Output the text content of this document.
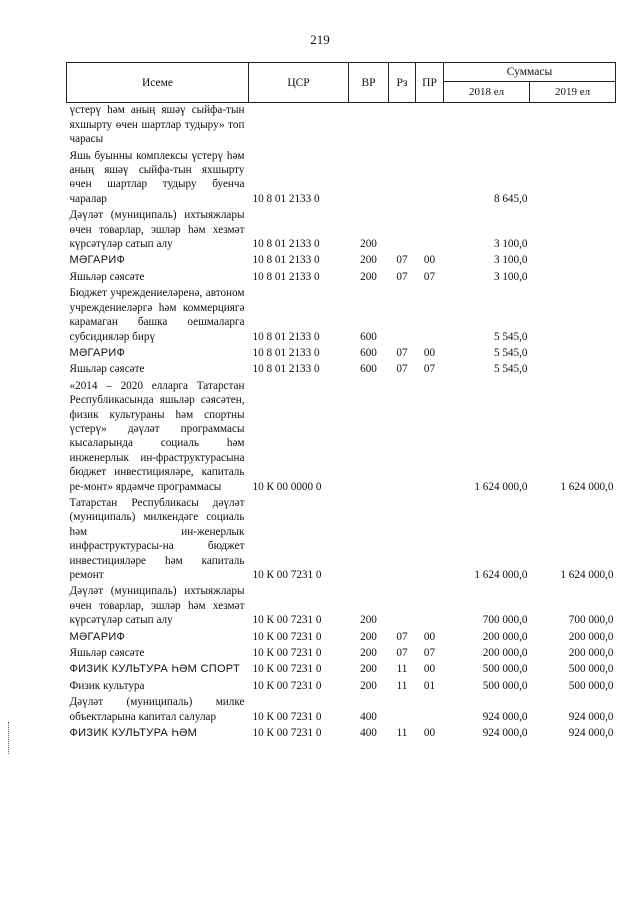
219
Исеме	ЦСР	ВР	Рз	ПР	Суммасы	
					2018 ел	2019 ел
үстерү һәм аның яшәү сыйфа-тын яхшырту өчен шартлар тудыру» топ чарасы						
Яшь буынны комплексы үстерү һәм аның яшәү сыйфа-тын яхшырту өчен шартлар тудыру буенча чаралар	10 8 01 2133 0				8 645,0	
Дәүләт (муниципаль) ихтыяжлары өчен товарлар, эшләр һәм хезмәт күрсәтүләр сатып алу	10 8 01 2133 0	200			3 100,0	
МӘГАРИФ	10 8 01 2133 0	200	07	00	3 100,0	
Яшьләр сәясәте	10 8 01 2133 0	200	07	07	3 100,0	
Бюджет учреждениеләренә, автоном учреждениеләргә һәм коммерциягә карамаган башка оешмаларга субсидияләр бирү	10 8 01 2133 0	600			5 545,0	
МӘГАРИФ	10 8 01 2133 0	600	07	00	5 545,0	
Яшьләр сәясәте	10 8 01 2133 0	600	07	07	5 545,0	
«2014 – 2020 елларга Татарстан Республикасында яшьләр сәясәтен, физик культураны һәм спортны үстерү» дәүләт программасы кысаларында социаль һәм инженерлык ин-фраструктурасына бюджет инвестицияләре, капиталь ре-монт» ярдәмче программасы	10 К 00 0000 0				1 624 000,0	1 624 000,0
Татарстан Республикасы дәүләт (муниципаль) милкендәге социаль һәм ин-женерлык инфраструктурасы-на бюджет инвестицияләре һәм капиталь ремонт	10 К 00 7231 0				1 624 000,0	1 624 000,0
Дәүләт (муниципаль) ихтыяжлары өчен товарлар, эшләр һәм хезмәт күрсәтүләр сатып алу	10 К 00 7231 0	200			700 000,0	700 000,0
МӘГАРИФ	10 К 00 7231 0	200	07	00	200 000,0	200 000,0
Яшьләр сәясәте	10 К 00 7231 0	200	07	07	200 000,0	200 000,0
ФИЗИК КУЛЬТУРА ҺӘМ СПОРТ	10 К 00 7231 0	200	11	00	500 000,0	500 000,0
Физик культура	10 К 00 7231 0	200	11	01	500 000,0	500 000,0
Дәүләт (муниципаль) милке объектларына капитал салулар	10 К 00 7231 0	400			924 000,0	924 000,0
ФИЗИК КУЛЬТУРА ҺӘМ	10 К 00 7231 0	400	11	00	924 000,0	924 000,0
